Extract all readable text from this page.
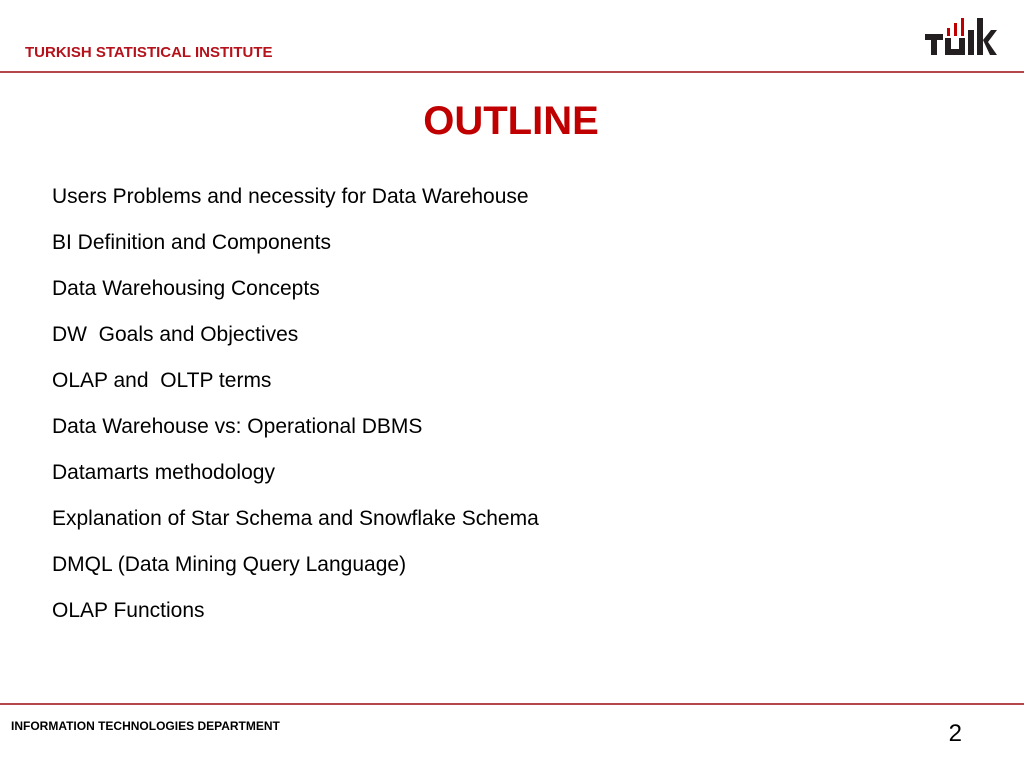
TURKISH STATISTICAL INSTITUTE
OUTLINE
Users Problems and necessity for Data Warehouse
BI Definition and Components
Data Warehousing Concepts
DW  Goals and Objectives
OLAP and  OLTP terms
Data Warehouse vs: Operational DBMS
Datamarts methodology
Explanation of Star Schema and Snowflake Schema
DMQL (Data Mining Query Language)
OLAP Functions
INFORMATION TECHNOLOGIES DEPARTMENT	2
